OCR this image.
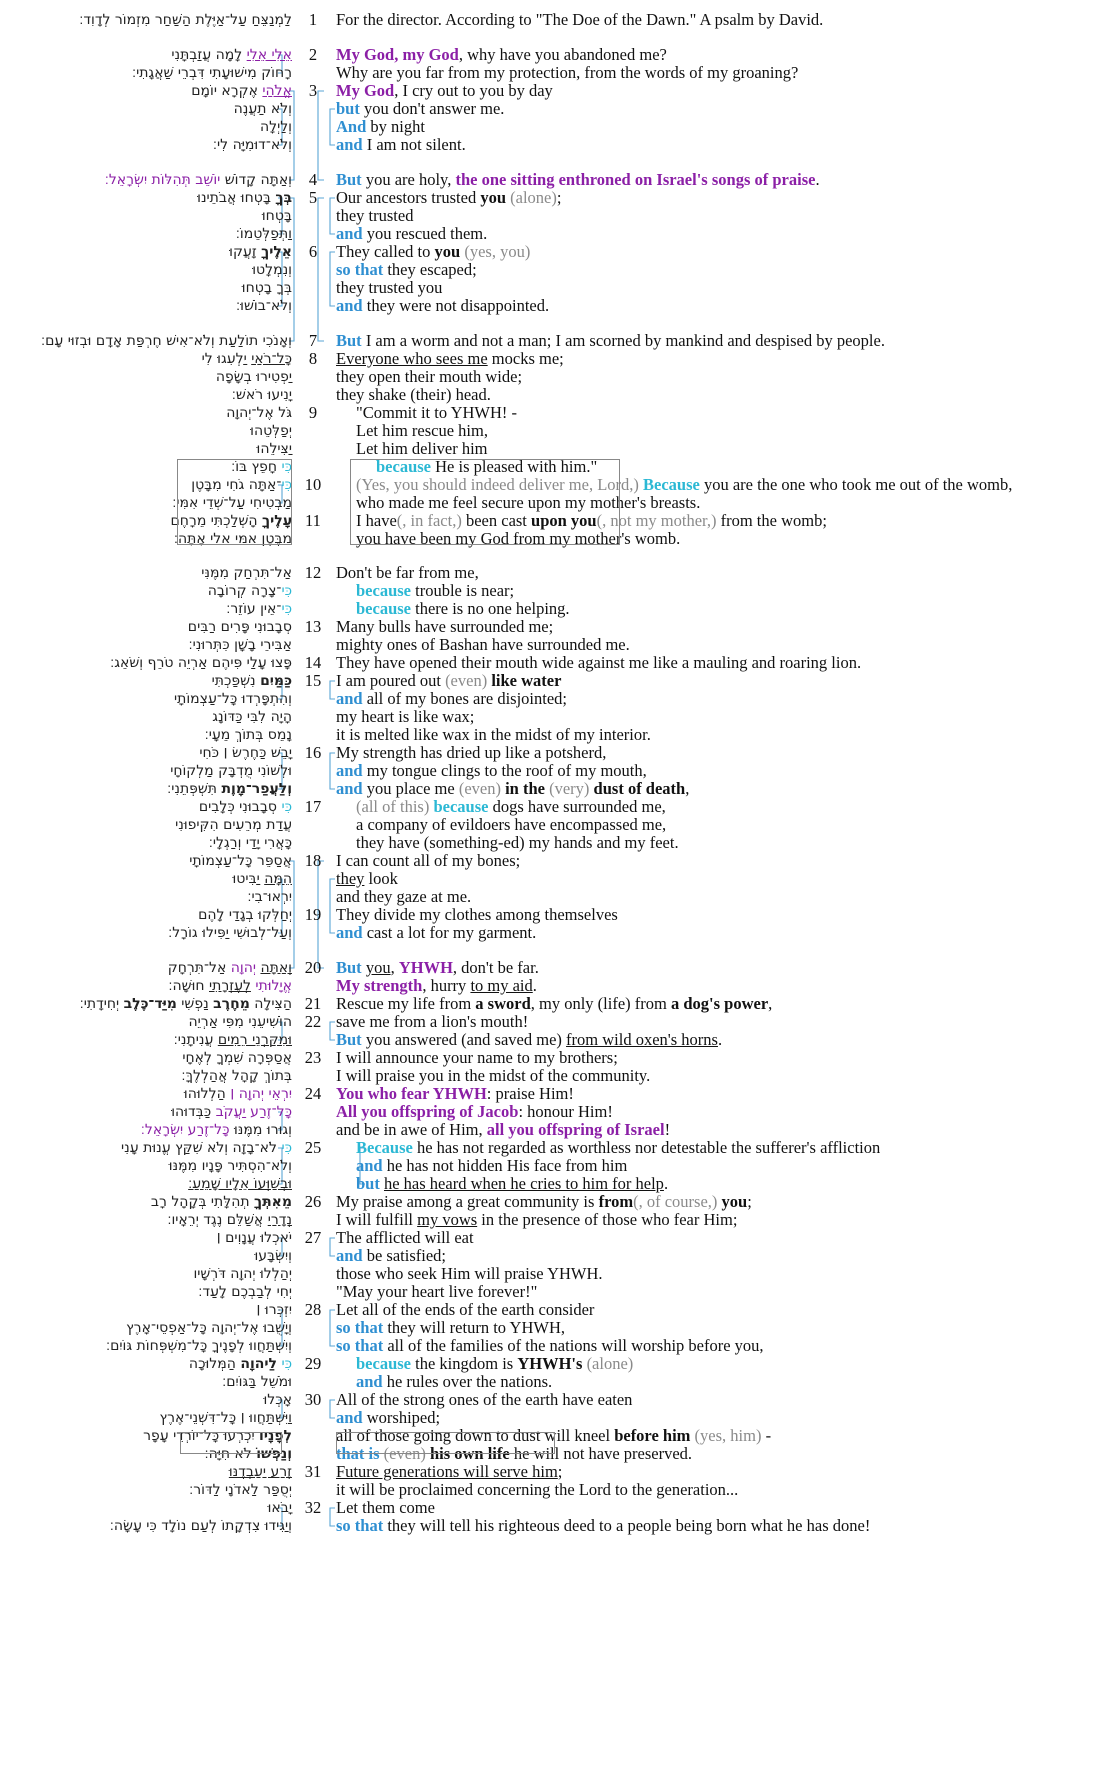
לַמְנַצֵּחַ עַל־אַיֶּלֶת הַשַּׁחַר מִזְמוֹר לְדָוִד׃	1	For the director. According to "The Doe of the Dawn." A psalm by David.
אֵלִי אֵלִי לָמָה עֲזַבְתָּנִי	2	My God, my God, why have you abandoned me?
רָחוֹק מִישׁוּעָתִי דִּבְרֵי שַׁאֲגָתִי׃	Why are you far from my protection, from the words of my groaning?
אֱלֹהַי אֶקְרָא יוֹמָם	3	My God, I cry out to you by day
וְלֹא תַעֲנֶה	but you don't answer me.
וְלַיְלָה	And by night
וְלֹא־דוּמִיָּה לִי׃	and I am not silent.
וְאַתָּה קָדוֹשׁ יוֹשֵׁב תְּהִלּוֹת יִשְׂרָאֵל׃	4	But you are holy, the one sitting enthroned on Israel's songs of praise.
בְּךָ בָּטְחוּ אֲבֹתֵינוּ	5	Our ancestors trusted you (alone);
בָּטְחוּ	they trusted
וַתְּפַלְּטֵמוֹ׃	and you rescued them.
אֵלֶיךָ זָעֲקוּ	6	They called to you (yes, you)
וְנִמְלָטוּ	so that they escaped;
בְּךָ בָטְחוּ	they trusted you
וְלֹא־בוֹשׁוּ׃	and they were not disappointed.
וְאָנֹכִי תוֹלַעַת וְלֹא־אִישׁ חֶרְפַּת אָדָם וּבְזוּי עָם׃	7	But I am a worm and not a man; I am scorned by mankind and despised by people.
כָּל־רֹאַי יַלְעִגוּ לִי	8	Everyone who sees me mocks me;
יַפְטִירוּ בְשָׂפָה	they open their mouth wide;
יָנִיעוּ רֹאשׁ׃	they shake (their) head.
גֹּל אֶל־יְהוָה	9	"Commit it to YHWH! -
יְפַלְּטֵהוּ	Let him rescue him,
יַצִּילֵהוּ	Let him deliver him
כִּי חָפֵץ בּוֹ׃	because He is pleased with him."
כִּי־אַתָּה גֹחִי מִבָּטֶן	10 (Yes, you should indeed deliver me, Lord,) Because you are the one who took me out of the womb,
מַבְטִיחִי עַל־שְׁדֵי אִמִּי׃	who made me feel secure upon my mother's breasts.
עָלֶיךָ הָשְׁלַכְתִּי מֵרָחֶם	11 I have(, in fact,) been cast upon you(, not my mother,) from the womb;
מִבֶּטֶן אִמִּי אֵלִי אָתָּה׃	you have been my God from my mother's womb.
אַל־תִּרְחַק מִמֶּנִּי 12 Don't be far from me,
כִּי־צָרָה קְרוֹבָה	because trouble is near;
כִּי־אֵין עוֹזֵר׃	because there is no one helping.
סְבָבוּנִי פָּרִים רַבִּים 13 Many bulls have surrounded me;
אַבִּירֵי בָשָׁן כִּתְּרוּנִי׃	mighty ones of Bashan have surrounded me.
פָּצוּ עָלַי פִּיהֶם אַרְיֵה טֹרֵף וְשֹׁאֵג׃ 14 They have opened their mouth wide against me like a mauling and roaring lion.
כַּמַּיִם נִשְׁפַּכְתִּי	15 I am poured out (even) like water
וְהִתְפָּרְדוּ כָּל־עַצְמוֹתָי	and all of my bones are disjointed;
הָיָה לִבִּי כַּדּוֹנָג	my heart is like wax;
נָמֵס בְּתוֹךְ מֵעָי׃	it is melted like wax in the midst of my interior.
יָבֵשׁ כַּחֶרֶשׂ ׀ כֹּחִי 16 My strength has dried up like a potsherd,
וּלְשׁוֹנִי מֻדְבָּק מַלְקוֹחָי	and my tongue clings to the roof of my mouth,
וְלַעֲפַר־מָוֶת תִּשְׁפְּתֵנִי׃	and you place me (even) in the (very) dust of death,
כִּי סְבָבוּנִי כְּלָבִים	17 (all of this) because dogs have surrounded me,
עֲדַת מְרֵעִים הִקִּיפוּנִי	a company of evildoers have encompassed me,
כָּאֲרִי יָדַי וְרַגְלָי׃	they have (something-ed) my hands and my feet.
אֲסַפֵּר כָּל־עַצְמוֹתָי 18 I can count all of my bones;
הֵמָּה יַבִּיטוּ	they look
יִרְאוּ־בִי׃	and they gaze at me.
יְחַלְּקוּ בְגָדַי לָהֶם 19 They divide my clothes among themselves
וְעַל־לְבוּשִׁי יַפִּילוּ גוֹרָל׃	and cast a lot for my garment.
וְאַתָּה יְהוָה אַל־תִּרְחָק	20 But you, YHWH, don't be far.
אֱיָלוּתִי לְעֶזְרָתִי חוּשָׁה׃	My strength, hurry to my aid.
הַצִּילָה מֵחֶרֶב נַפְשִׁי מִיַּד־כֶּלֶב יְחִידָתִי׃	21 Rescue my life from a sword, my only (life) from a dog's power,
הוֹשִׁיעֵנִי מִפִּי אַרְיֵה 22 save me from a lion's mouth!
וּמִקַּרְנֵי רֵמִים עֲנִיתָנִי׃	But you answered (and saved me) from wild oxen's horns.
אֲסַפְּרָה שִׁמְךָ לְאֶחָי 23 I will announce your name to my brothers;
בְּתוֹךְ קָהָל אֲהַלְלֶךָּ׃	I will praise you in the midst of the community.
יִרְאֵי יְהוָה ׀ הַלְלוּהוּ	24 You who fear YHWH: praise Him!
כָּל־זֶרַע יַעֲקֹב כַּבְּדוּהוּ	All you offspring of Jacob: honour Him!
וְגוּרוּ מִמֶּנּוּ כָּל־זֶרַע יִשְׂרָאֵל׃	and be in awe of Him, all you offspring of Israel!
כִּי לֹא־בָזָה וְלֹא שִׁקַּץ עֱנוּת עָנִי	25 Because he has not regarded as worthless nor detestable the sufferer's affliction
וְלֹא־הִסְתִּיר פָּנָיו מִמֶּנּוּ	and he has not hidden His face from him
וּבְשַׁוְּעוֹ אֵלָיו שָׁמֵעַ׃	but he has heard when he cries to him for help.
מֵאִתְּךָ תְהִלָּתִי בְּקָהָל רָב	26 My praise among a great community is from(, of course,) you;
נְדָרַי אֲשַׁלֵּם נֶגֶד יְרֵאָיו׃	I will fulfill my vows in the presence of those who fear Him;
יֹאכְלוּ עֲנָוִים ׀ 27 The afflicted will eat
וְיִשְׂבָּעוּ	and be satisfied;
יְהַלְלוּ יְהוָה דֹּרְשָׁיו	those who seek Him will praise YHWH.
יְחִי לְבַבְכֶם לָעַד׃	"May your heart live forever!"
יִזְכְּרוּ ׀ 28 Let all of the ends of the earth consider
וְיָשֻׁבוּ אֶל־יְהוָה כָּל־אַפְסֵי־אָרֶץ	so that they will return to YHWH,
וְיִשְׁתַּחֲווּ לְפָנֶיךָ כָּל־מִשְׁפְּחוֹת גּוֹיִם׃	so that all of the families of the nations will worship before you,
כִּי לַיהוָה הַמְּלוּכָה	29 because the kingdom is YHWH's (alone)
וּמֹשֵׁל בַּגּוֹיִם׃	and he rules over the nations.
אָכְלוּ 30 All of the strong ones of the earth have eaten
וַיִּשְׁתַּחֲווּ ׀ כָּל־דִּשְׁנֵי־אֶרֶץ	and worshiped;
לְפָנָיו יִכְרְעוּ כָּל־יוֹרְדֵי עָפָר	all of those going down to dust will kneel before him (yes, him) -
וְנַפְשׁוֹ לֹא חִיָּה׃	that is (even) his own life he will not have preserved.
זֶרַע יַעַבְדֶנּוּ 31 Future generations will serve him;
יְסֻפַּר לַאדֹנָי לַדּוֹר׃	it will be proclaimed concerning the Lord to the generation...
יָבֹאוּ 32 Let them come
וְיַגִּידוּ צִדְקָתוֹ לְעַם נוֹלָד כִּי עָשָׂה׃	so that they will tell his righteous deed to a people being born what he has done!
